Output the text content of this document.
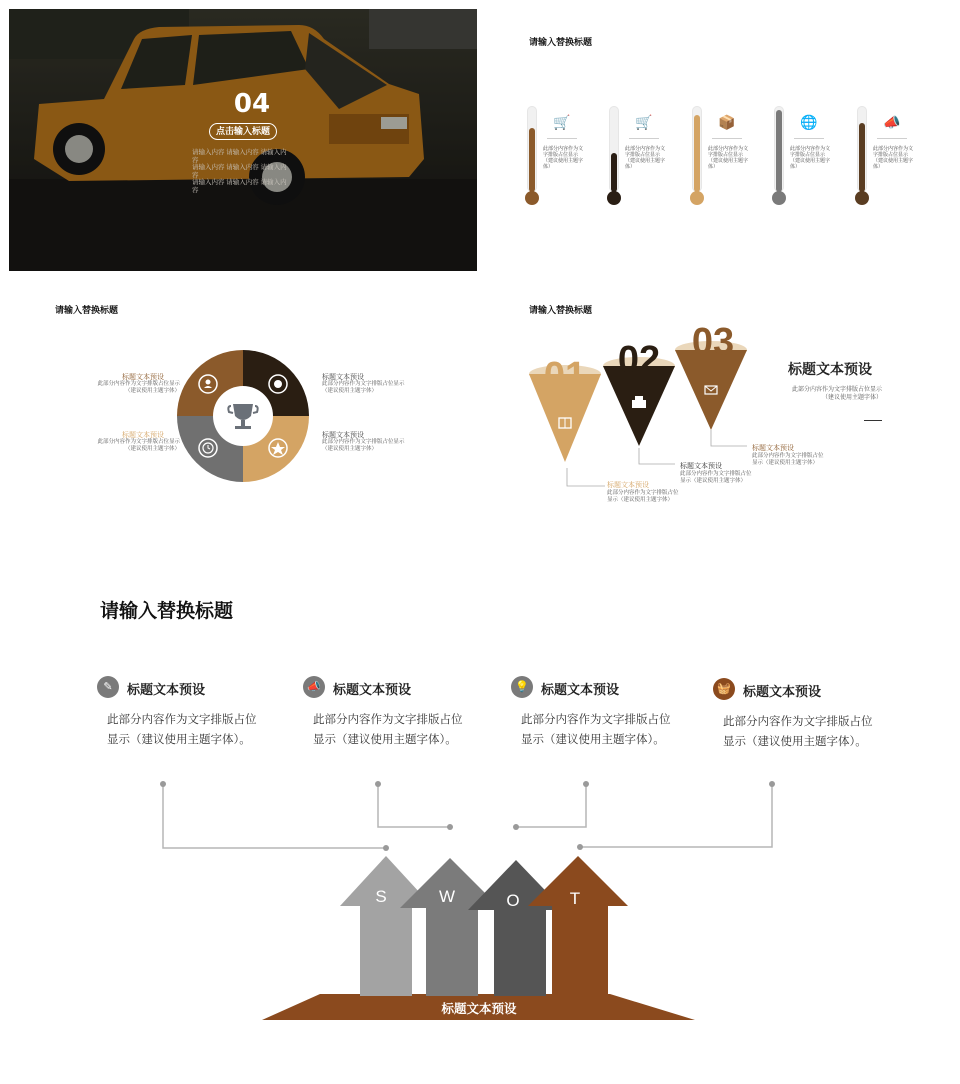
04
点击输入标题
请输入内容 请输入内容 请输入内容
请输入内容 请输入内容 请输入内容
请输入内容 请输入内容 请输入内容
请输入替换标题
🛒
此部分内容作为文字排版占位显示（建议使用主题字体）
🛒
此部分内容作为文字排版占位显示（建议使用主题字体）
📦
此部分内容作为文字排版占位显示（建议使用主题字体）
🌐
此部分内容作为文字排版占位显示（建议使用主题字体）
📣
此部分内容作为文字排版占位显示（建议使用主题字体）
请输入替换标题
标题文本预设
此部分内容作为文字排版占位显示（建议使用主题字体）
标题文本预设
此部分内容作为文字排版占位显示（建议使用主题字体）
标题文本预设
此部分内容作为文字排版占位显示（建议使用主题字体）
标题文本预设
此部分内容作为文字排版占位显示（建议使用主题字体）
请输入替换标题
01 02 03
标题文本预设
此部分内容作为文字排版占位显示（建议使用主题字体）
标题文本预设
此部分内容作为文字排版占位显示（建议使用主题字体）
标题文本预设
此部分内容作为文字排版占位显示（建议使用主题字体）
标题文本预设
此部分内容作为文字排版占位显示（建议使用主题字体）
请输入替换标题
✎	标题文本预设
此部分内容作为文字排版占位显示（建议使用主题字体）。
📣 标题文本预设
此部分内容作为文字排版占位显示（建议使用主题字体）。
💡 标题文本预设
此部分内容作为文字排版占位显示（建议使用主题字体）。
🧺 标题文本预设
此部分内容作为文字排版占位显示（建议使用主题字体）。
S	W	O	T
标题文本预设
